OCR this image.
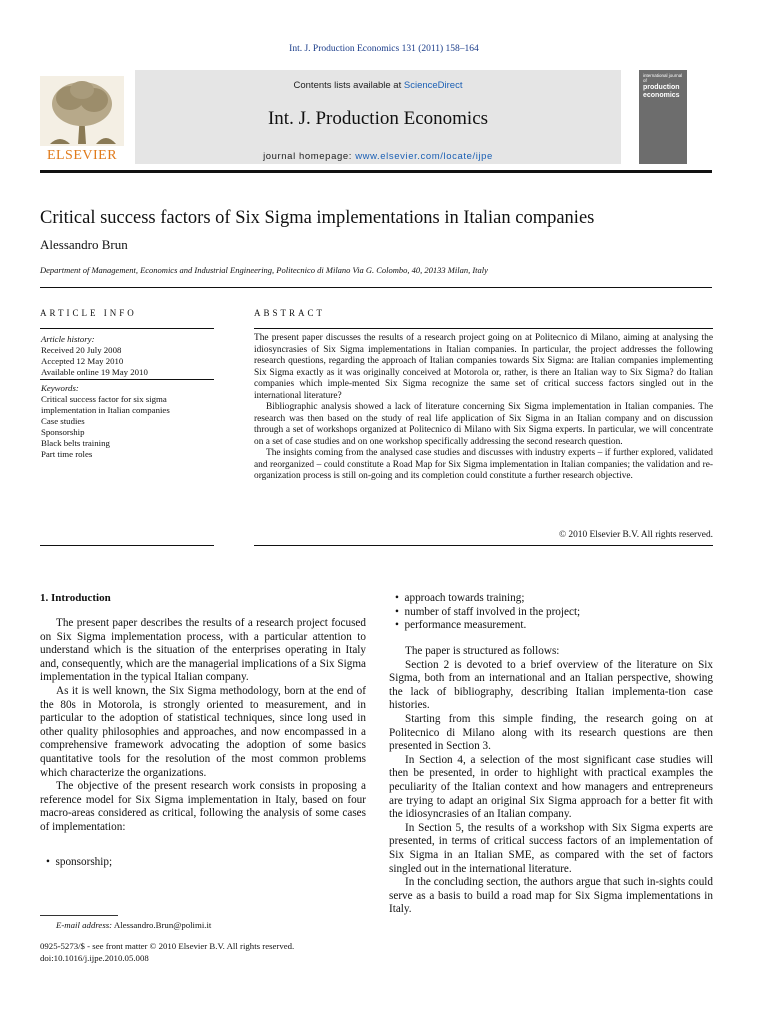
Int. J. Production Economics 131 (2011) 158–164
ELSEVIER
Contents lists available at ScienceDirect
Int. J. Production Economics
journal homepage: www.elsevier.com/locate/ijpe
international journal of
production
economics
Critical success factors of Six Sigma implementations in Italian companies
Alessandro Brun
Department of Management, Economics and Industrial Engineering, Politecnico di Milano Via G. Colombo, 40, 20133 Milan, Italy
ARTICLE INFO
Article history:
Received 20 July 2008
Accepted 12 May 2010
Available online 19 May 2010
Keywords:
Critical success factor for six sigma
implementation in Italian companies
Case studies
Sponsorship
Black belts training
Part time roles
ABSTRACT

The present paper discusses the results of a research project going on at Politecnico di Milano, aiming at analysing the idiosyncrasies of Six Sigma implementations in Italian companies. In particular, the project addresses the following research questions, regarding the approach of Italian companies towards Six Sigma: are Italian companies implementing Six Sigma exactly as it was originally conceived at Motorola or, rather, is there an Italian way to Six Sigma? do Italian companies which imple-mented Six Sigma recognize the same set of critical success factors singled out in the international literature?

Bibliographic analysis showed a lack of literature concerning Six Sigma implementation in Italian companies. The research was then based on the study of real life application of Six Sigma in an Italian company and on discussion through a set of workshops organized at Politecnico di Milano with Six Sigma experts. In particular, we will concentrate on a set of case studies and on one workshop specifically addressing the second research question.

The insights coming from the analysed case studies and discusses with industry experts – if further explored, validated and reorganized – could constitute a Road Map for Six Sigma implementation in Italian companies; the validation and re-organization process is still on-going and its completion could constitute a further research objective.

© 2010 Elsevier B.V. All rights reserved.
1. Introduction

The present paper describes the results of a research project focused on Six Sigma implementation process, with a particular attention to understand which is the situation of the enterprises operating in Italy and, consequently, which are the managerial implications of a Six Sigma implementation in the typical Italian company.

As it is well known, the Six Sigma methodology, born at the end of the 80s in Motorola, is strongly oriented to measurement, and in particular to the adoption of statistical techniques, since long used in other quality philosophies and approaches, and now encompassed in a comprehensive framework advocating the adoption of some basics quantitative tools for the resolution of the most common problems which characterize the organizations.

The objective of the present research work consists in proposing a reference model for Six Sigma implementation in Italy, based on four macro-areas considered as critical, following the analysis of some cases of implementation:

•  sponsorship;
E-mail address: Alessandro.Brun@polimi.it
0925-5273/$ - see front matter © 2010 Elsevier B.V. All rights reserved.
doi:10.1016/j.ijpe.2010.05.008
•  approach towards training;
•  number of staff involved in the project;
•  performance measurement.

The paper is structured as follows:

Section 2 is devoted to a brief overview of the literature on Six Sigma, both from an international and an Italian perspective, showing the lack of bibliography, describing Italian implementa-tion case histories.

Starting from this simple finding, the research going on at Politecnico di Milano along with its research questions are then presented in Section 3.

In Section 4, a selection of the most significant case studies will then be presented, in order to highlight with practical examples the peculiarity of the Italian context and how managers and entrepreneurs are trying to adapt an original Six Sigma approach for a better fit with the idiosyncrasies of an Italian company.

In Section 5, the results of a workshop with Six Sigma experts are presented, in terms of critical success factors of an implementation of Six Sigma in an Italian SME, as compared with the set of factors singled out in the international literature.

In the concluding section, the authors argue that such in-sights could serve as a basis to build a road map for Six Sigma implementations in Italy.
